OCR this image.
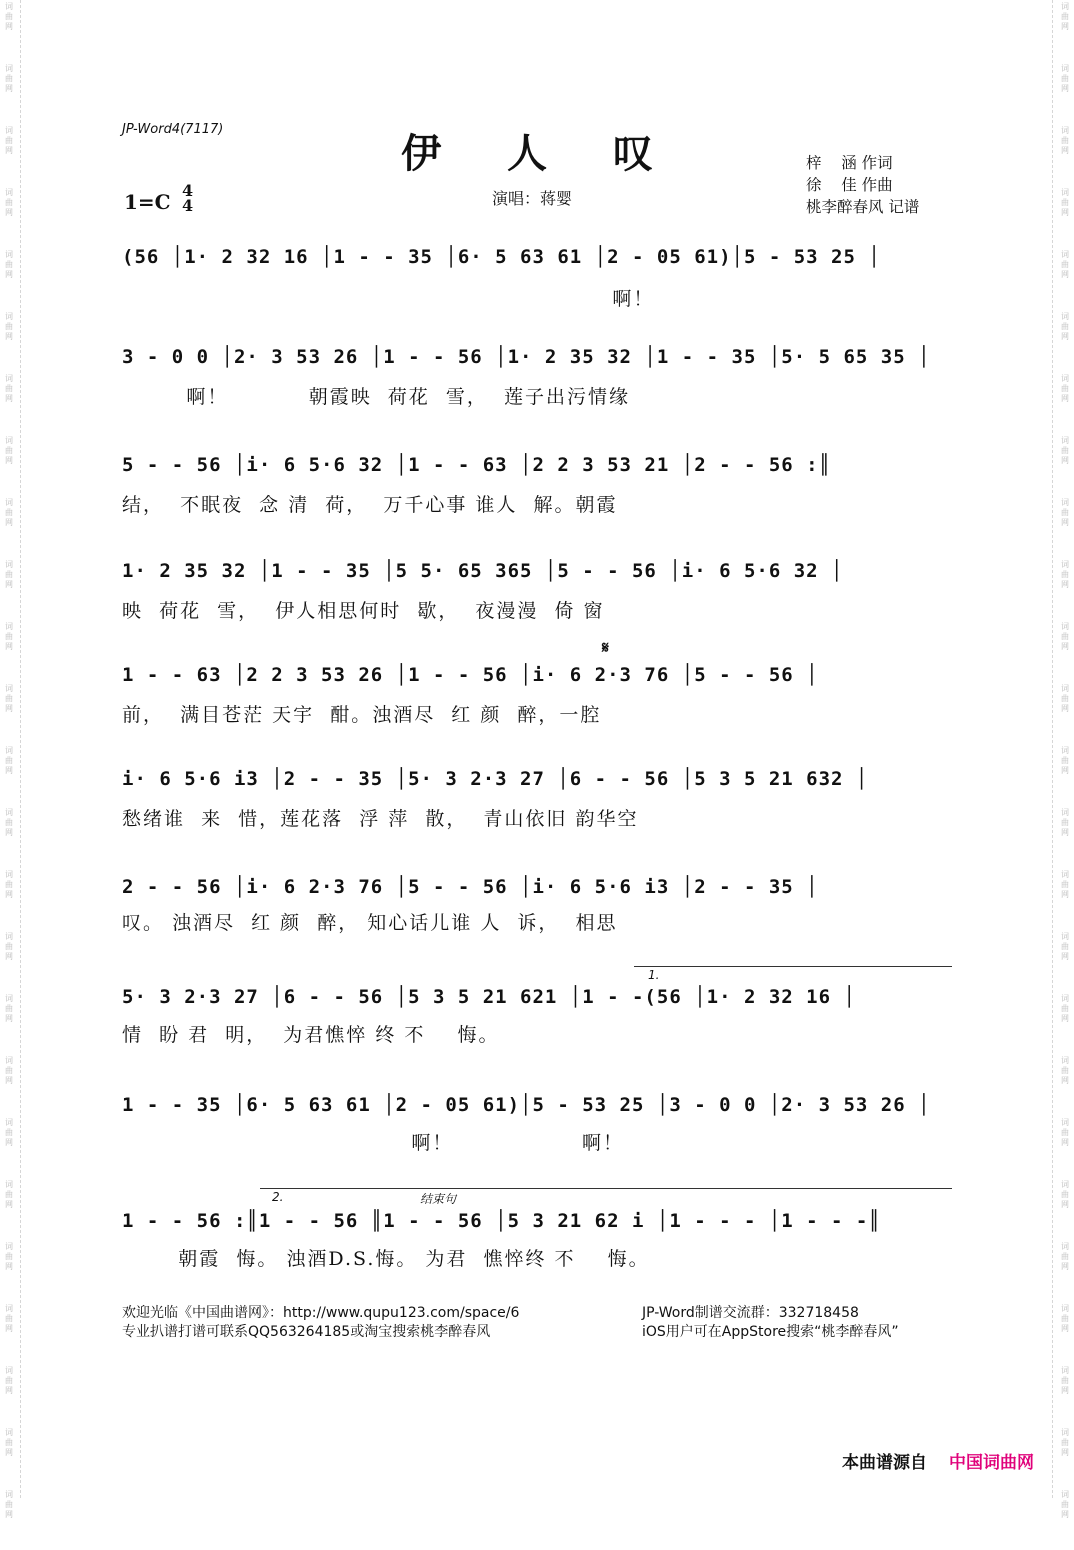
词
曲
网
词
曲
网
词
曲
网
词
曲
网
词
曲
网
词
曲
网
词
曲
网
词
曲
网
词
曲
网
词
曲
网
词
曲
网
词
曲
网
词
曲
网
词
曲
网
词
曲
网
词
曲
网
词
曲
网
词
曲
网
词
曲
网
词
曲
网
词
曲
网
词
曲
网
词
曲
网
词
曲
网
词
曲
网
词
曲
网
词
曲
网
词
曲
网
词
曲
网
词
曲
网
词
曲
网
词
曲
网
词
曲
网
词
曲
网
词
曲
网
词
曲
网
词
曲
网
词
曲
网
词
曲
网
词
曲
网
词
曲
网
词
曲
网
词
曲
网
词
曲
网
词
曲
网
词
曲
网
词
曲
网
词
曲
网
词
曲
网
词
曲
网
JP-Word4(7117)
伊 人 叹
1=C 4
4	演唱：蒋婴
梓    涵 作词
徐    佳 作曲
桃李醉春风 记谱
(56 │1· 2 32 16 │1 - - 35 │6· 5 63 61 │2 - 05 61)│5 - 53 25 │
啊！
3 - 0 0 │2· 3 53 26 │1 - - 56 │1· 2 35 32 │1 - - 35 │5· 5 65 35 │
啊！          朝霞映  荷花  雪，  莲子出污情缘
5 - - 56 │i· 6 5·6 32 │1 - - 63 │2 2 3 53 21 │2 - - 56 :║
结，  不眠夜  念 清  荷，  万千心事 谁人  解。朝霞
1· 2 35 32 │1 - - 35 │5 5· 65 365 │5 - - 56 │i· 6 5·6 32 │
映  荷花  雪，  伊人相思何时  歇，  夜漫漫  倚 窗
𝄋
1 - - 63 │2 2 3 53 26 │1 - - 56 │i· 6 2·3 76 │5 - - 56 │
前，  满目苍茫 天宇  酣。浊酒尽  红 颜  醉，一腔
i· 6 5·6 i3 │2 - - 35 │5· 3 2·3 27 │6 - - 56 │5 3 5 21 632 │
愁绪谁  来  惜，莲花落  浮 萍  散，  青山依旧 韵华空
2 - - 56 │i· 6 2·3 76 │5 - - 56 │i· 6 5·6 i3 │2 - - 35 │
叹。 浊酒尽  红 颜  醉， 知心话儿谁 人  诉，  相思
1.
5· 3 2·3 27 │6 - - 56 │5 3 5 21 621 │1 - -(56 │1· 2 32 16 │
情  盼 君  明，  为君憔悴 终 不    悔。
1 - - 35 │6· 5 63 61 │2 - 05 61)│5 - 53 25 │3 - 0 0 │2· 3 53 26 │
啊！                啊！
2.	结束句
1 - - 56 :║1 - - 56 ║1 - - 56 │5 3 21 62 i │1 - - - │1 - - -║
朝霞  悔。 浊酒D.S.悔。 为君  憔悴终 不    悔。
欢迎光临《中国曲谱网》：http://www.qupu123.com/space/6
专业扒谱打谱可联系QQ563264185或淘宝搜索桃李醉春风
JP-Word制谱交流群：332718458
iOS用户可在AppStore搜索“桃李醉春风”
本曲谱源自 中国词曲网
